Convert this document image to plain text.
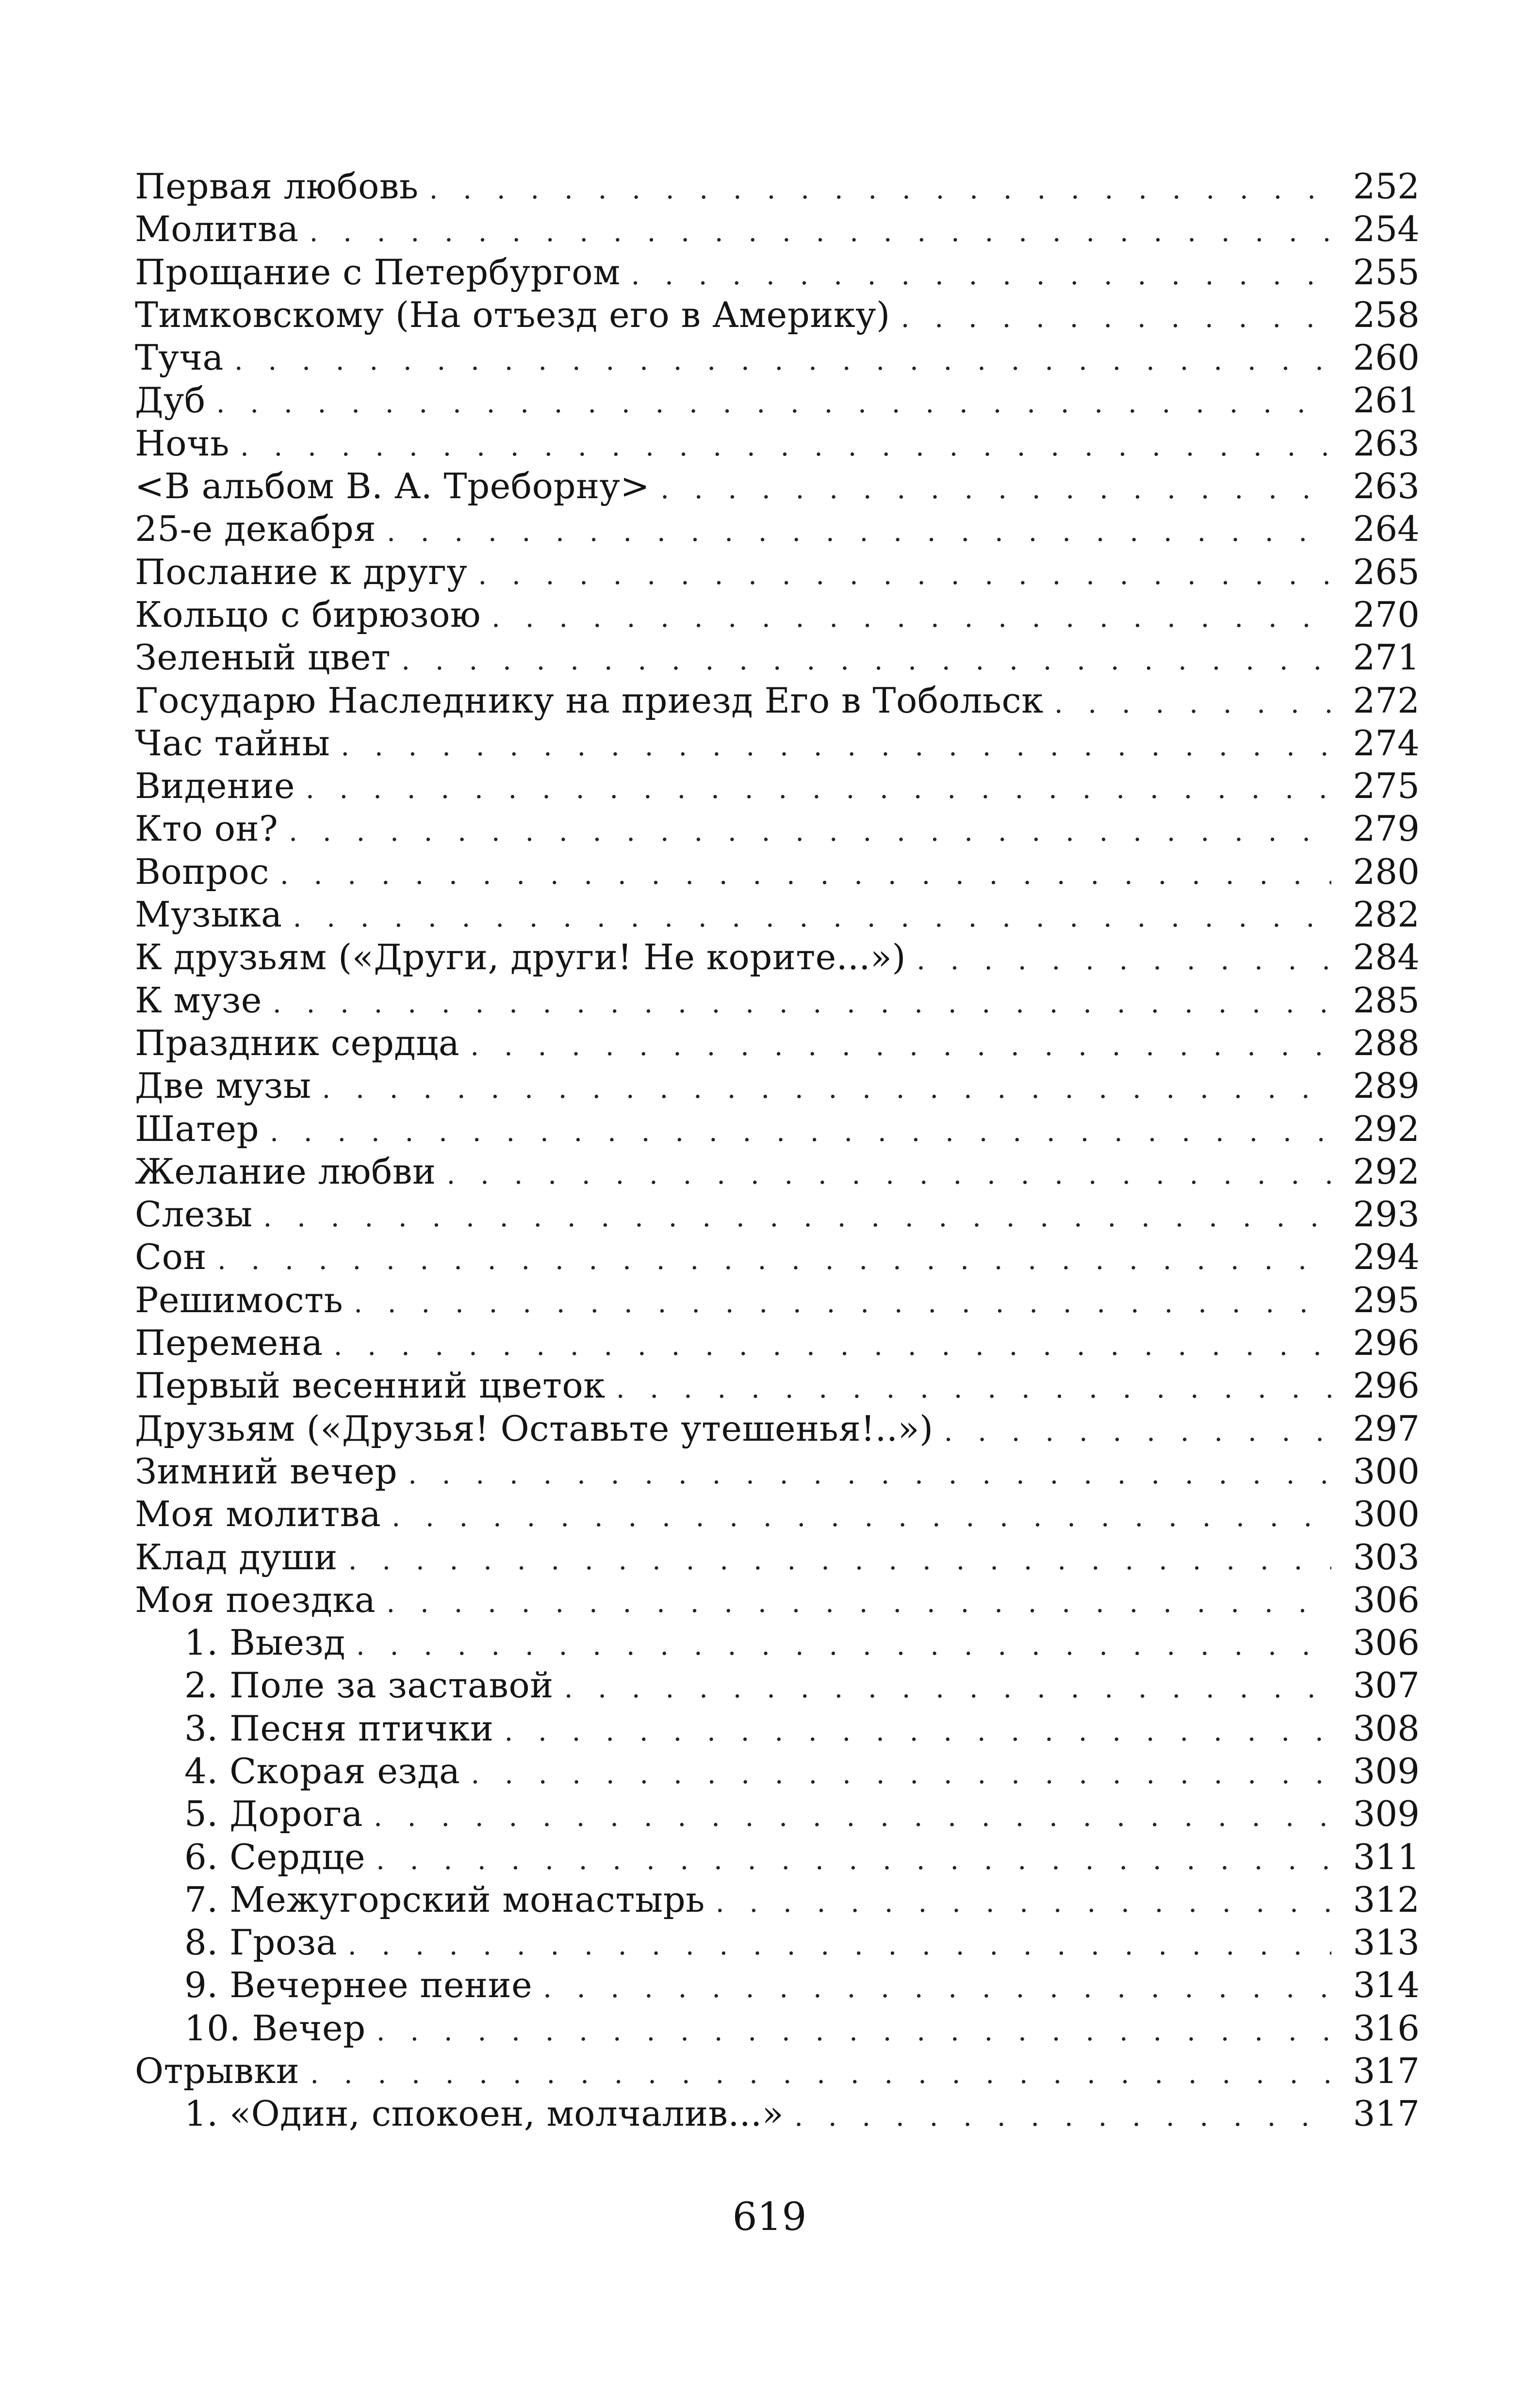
Первая любовь . . .	252
Молитва . . .	254
Прощание с Петербургом . . .	255
Тимковскому (На отъезд его в Америку) . . .	258
Туча . . .	260
Дуб . . .	261
Ночь . . .	263
<В альбом В. А. Треборну> . . .	263
25-е декабря . . .	264
Послание к другу . . .	265
Кольцо с бирюзою . . .	270
Зеленый цвет . . .	271
Государю Наследнику на приезд Его в Тобольск . . .	272
Час тайны . . .	274
Видение . . .	275
Кто он? . . .	279
Вопрос . . .	280
Музыка . . .	282
К друзьям («Други, други! Не корите...») . . .	284
К музе . . .	285
Праздник сердца . . .	288
Две музы . . .	289
Шатер . . .	292
Желание любви . . .	292
Слезы . . .	293
Сон . . .	294
Решимость . . .	295
Перемена . . .	296
Первый весенний цветок . . .	296
Друзьям («Друзья! Оставьте утешенья!..») . . .	297
Зимний вечер . . .	300
Моя молитва . . .	300
Клад души . . .	303
Моя поездка . . .	306
1. Выезд . . .	306
2. Поле за заставой . . .	307
3. Песня птички . . .	308
4. Скорая езда . . .	309
5. Дорога . . .	309
6. Сердце . . .	311
7. Межугорский монастырь . . .	312
8. Гроза . . .	313
9. Вечернее пение . . .	314
10. Вечер . . .	316
Отрывки . . .	317
1. «Один, спокоен, молчалив...» . . .	317
619
